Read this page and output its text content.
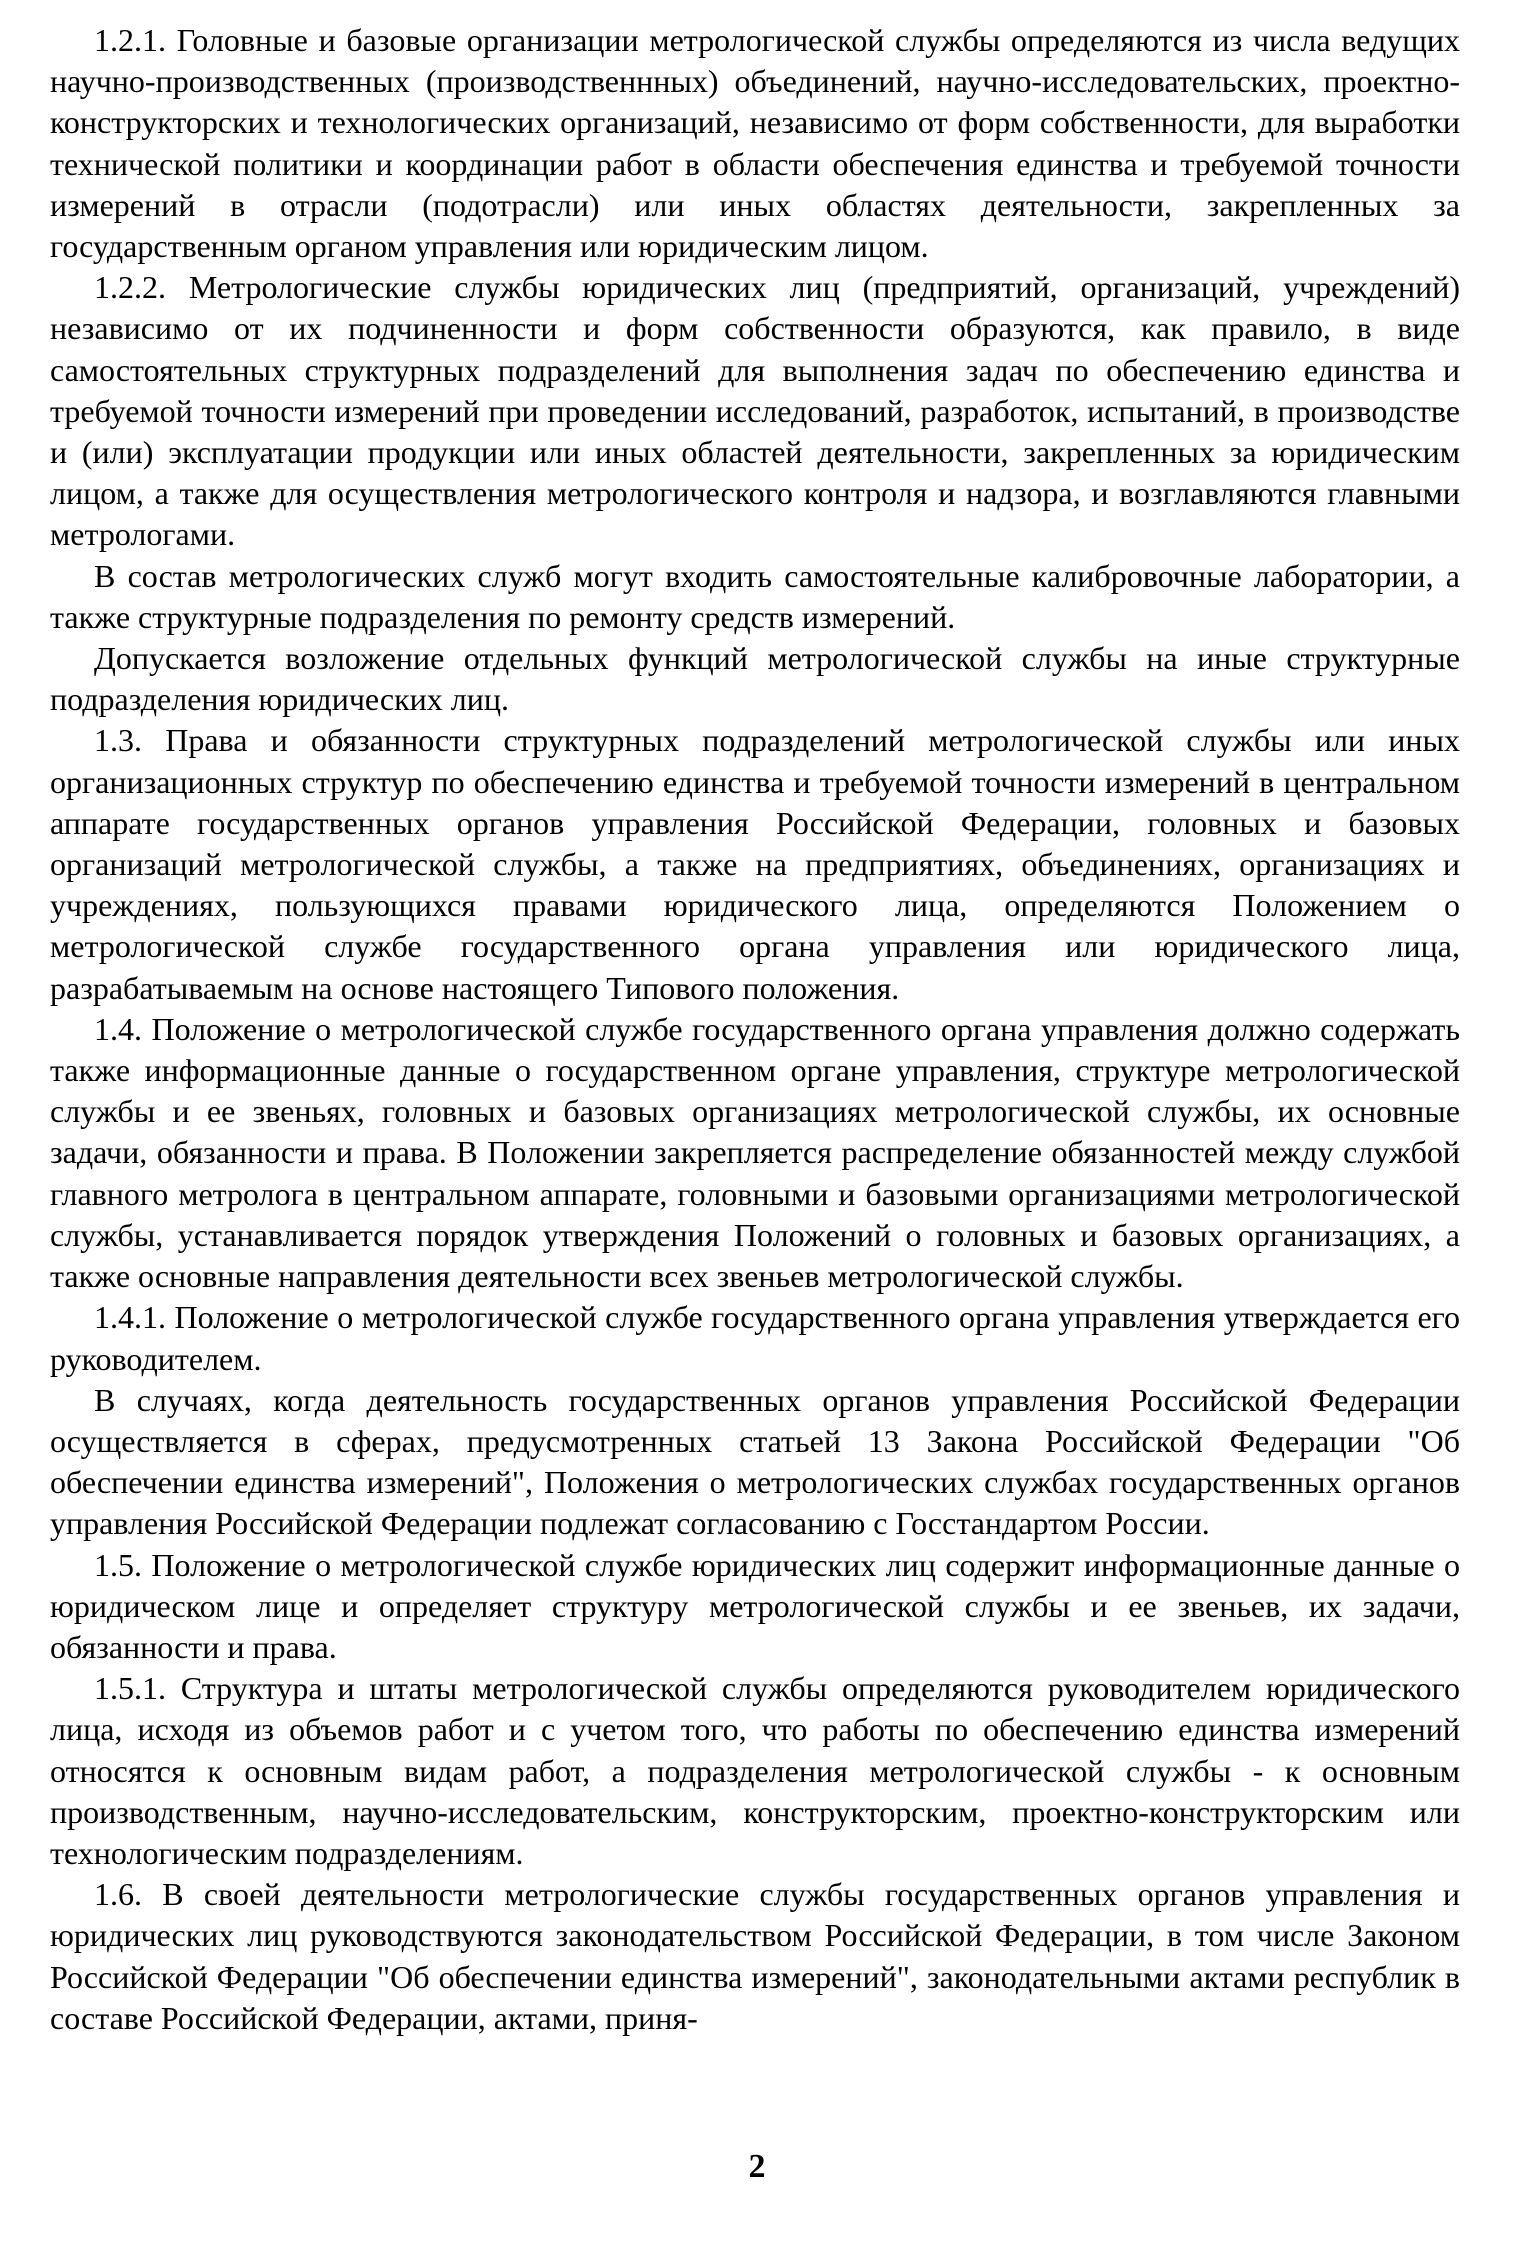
1.2.1. Головные и базовые организации метрологической службы определяются из числа ведущих научно-производственных (производственнных) объединений, научно-исследовательских, проектно-конструкторских и технологических организаций, независимо от форм собственности, для выработки технической политики и координации работ в области обеспечения единства и требуемой точности измерений в отрасли (подотрасли) или иных областях деятельности, закрепленных за государственным органом управления или юридическим лицом.

1.2.2. Метрологические службы юридических лиц (предприятий, организаций, учреждений) независимо от их подчиненности и форм собственности образуются, как правило, в виде самостоятельных структурных подразделений для выполнения задач по обеспечению единства и требуемой точности измерений при проведении исследований, разработок, испытаний, в производстве и (или) эксплуатации продукции или иных областей деятельности, закрепленных за юридическим лицом, а также для осуществления метрологического контроля и надзора, и возглавляются главными метрологами.

В состав метрологических служб могут входить самостоятельные калибровочные лаборатории, а также структурные подразделения по ремонту средств измерений.

Допускается возложение отдельных функций метрологической службы на иные структурные подразделения юридических лиц.

1.3. Права и обязанности структурных подразделений метрологической службы или иных организационных структур по обеспечению единства и требуемой точности измерений в центральном аппарате государственных органов управления Российской Федерации, головных и базовых организаций метрологической службы, а также на предприятиях, объединениях, организациях и учреждениях, пользующихся правами юридического лица, определяются Положением о метрологической службе государственного органа управления или юридического лица, разрабатываемым на основе настоящего Типового положения.

1.4. Положение о метрологической службе государственного органа управления должно содержать также информационные данные о государственном органе управления, структуре метрологической службы и ее звеньях, головных и базовых организациях метрологической службы, их основные задачи, обязанности и права. В Положении закрепляется распределение обязанностей между службой главного метролога в центральном аппарате, головными и базовыми организациями метрологической службы, устанавливается порядок утверждения Положений о головных и базовых организациях, а также основные направления деятельности всех звеньев метрологической службы.

1.4.1. Положение о метрологической службе государственного органа управления утверждается его руководителем.

В случаях, когда деятельность государственных органов управления Российской Федерации осуществляется в сферах, предусмотренных статьей 13 Закона Российской Федерации "Об обеспечении единства измерений", Положения о метрологических службах государственных органов управления Российской Федерации подлежат согласованию с Госстандартом России.

1.5. Положение о метрологической службе юридических лиц содержит информационные данные о юридическом лице и определяет структуру метрологической службы и ее звеньев, их задачи, обязанности и права.

1.5.1. Структура и штаты метрологической службы определяются руководителем юридического лица, исходя из объемов работ и с учетом того, что работы по обеспечению единства измерений относятся к основным видам работ, а подразделения метрологической службы - к основным производственным, научно-исследовательским, конструкторским, проектно-конструкторским или технологическим подразделениям.

1.6. В своей деятельности метрологические службы государственных органов управления и юридических лиц руководствуются законодательством Российской Федерации, в том числе Законом Российской Федерации "Об обеспечении единства измерений", законодательными актами республик в составе Российской Федерации, актами, приня-

2
